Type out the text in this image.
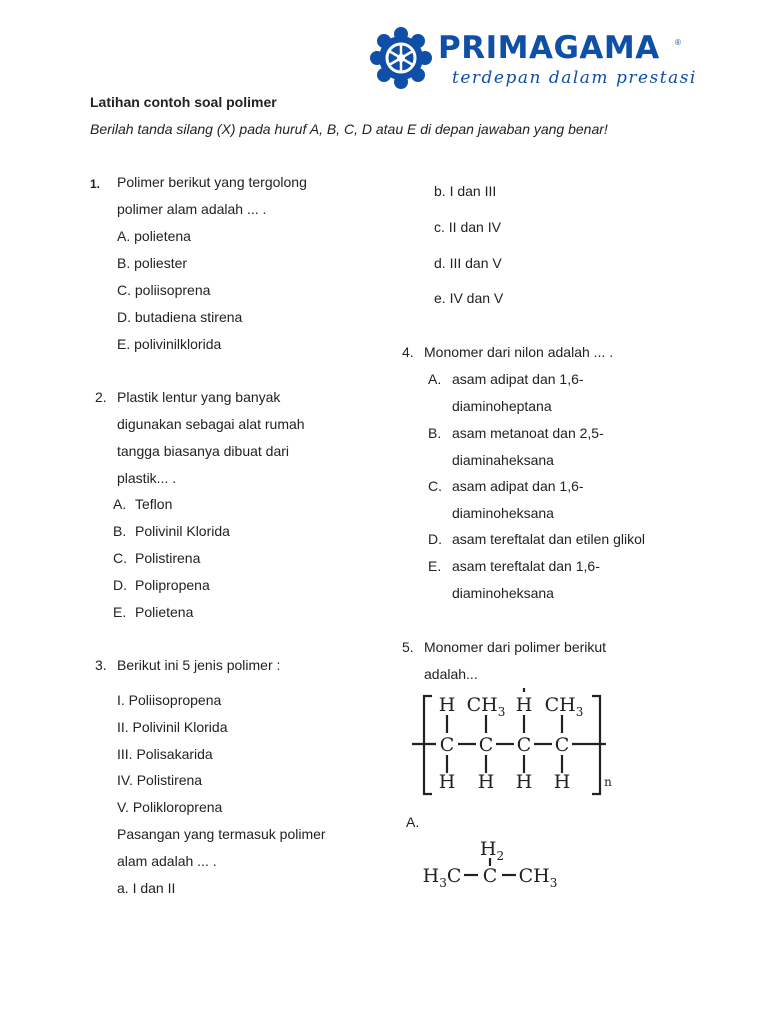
PRIMAGAMA ®
terdepan dalam prestasi
Latihan contoh soal polimer
Berilah tanda silang (X) pada huruf A, B, C, D atau E di depan jawaban yang benar!
1. Polimer berikut yang tergolong
polimer alam adalah ... .
A. polietena
B. poliester
C. poliisoprena
D. butadiena stirena
E. polivinilklorida
2. Plastik lentur yang banyak
digunakan sebagai alat rumah
tangga biasanya dibuat dari
plastik... .
A. Teflon
B. Polivinil Klorida
C. Polistirena
D. Polipropena
E. Polietena
3. Berikut ini 5 jenis polimer :
I. Poliisopropena
II. Polivinil Klorida
III. Polisakarida
IV. Polistirena
V. Polikloroprena
Pasangan yang termasuk polimer
alam adalah ... .
a. I dan II
b. I dan III
c. II dan IV
d. III dan V
e. IV dan V
4. Monomer dari nilon adalah ... .
A. asam adipat dan 1,6-
diaminoheptana
B. asam metanoat dan 2,5-
diaminaheksana
C. asam adipat dan 1,6-
diaminoheksana
D. asam tereftalat dan etilen glikol
E. asam tereftalat dan 1,6-
diaminoheksana
5. Monomer dari polimer berikut
adalah...
H $CH_3$ H $CH_3$
C C C C
H H H H	n
A.
$H_2$
$H_3C$ C $CH_3$
